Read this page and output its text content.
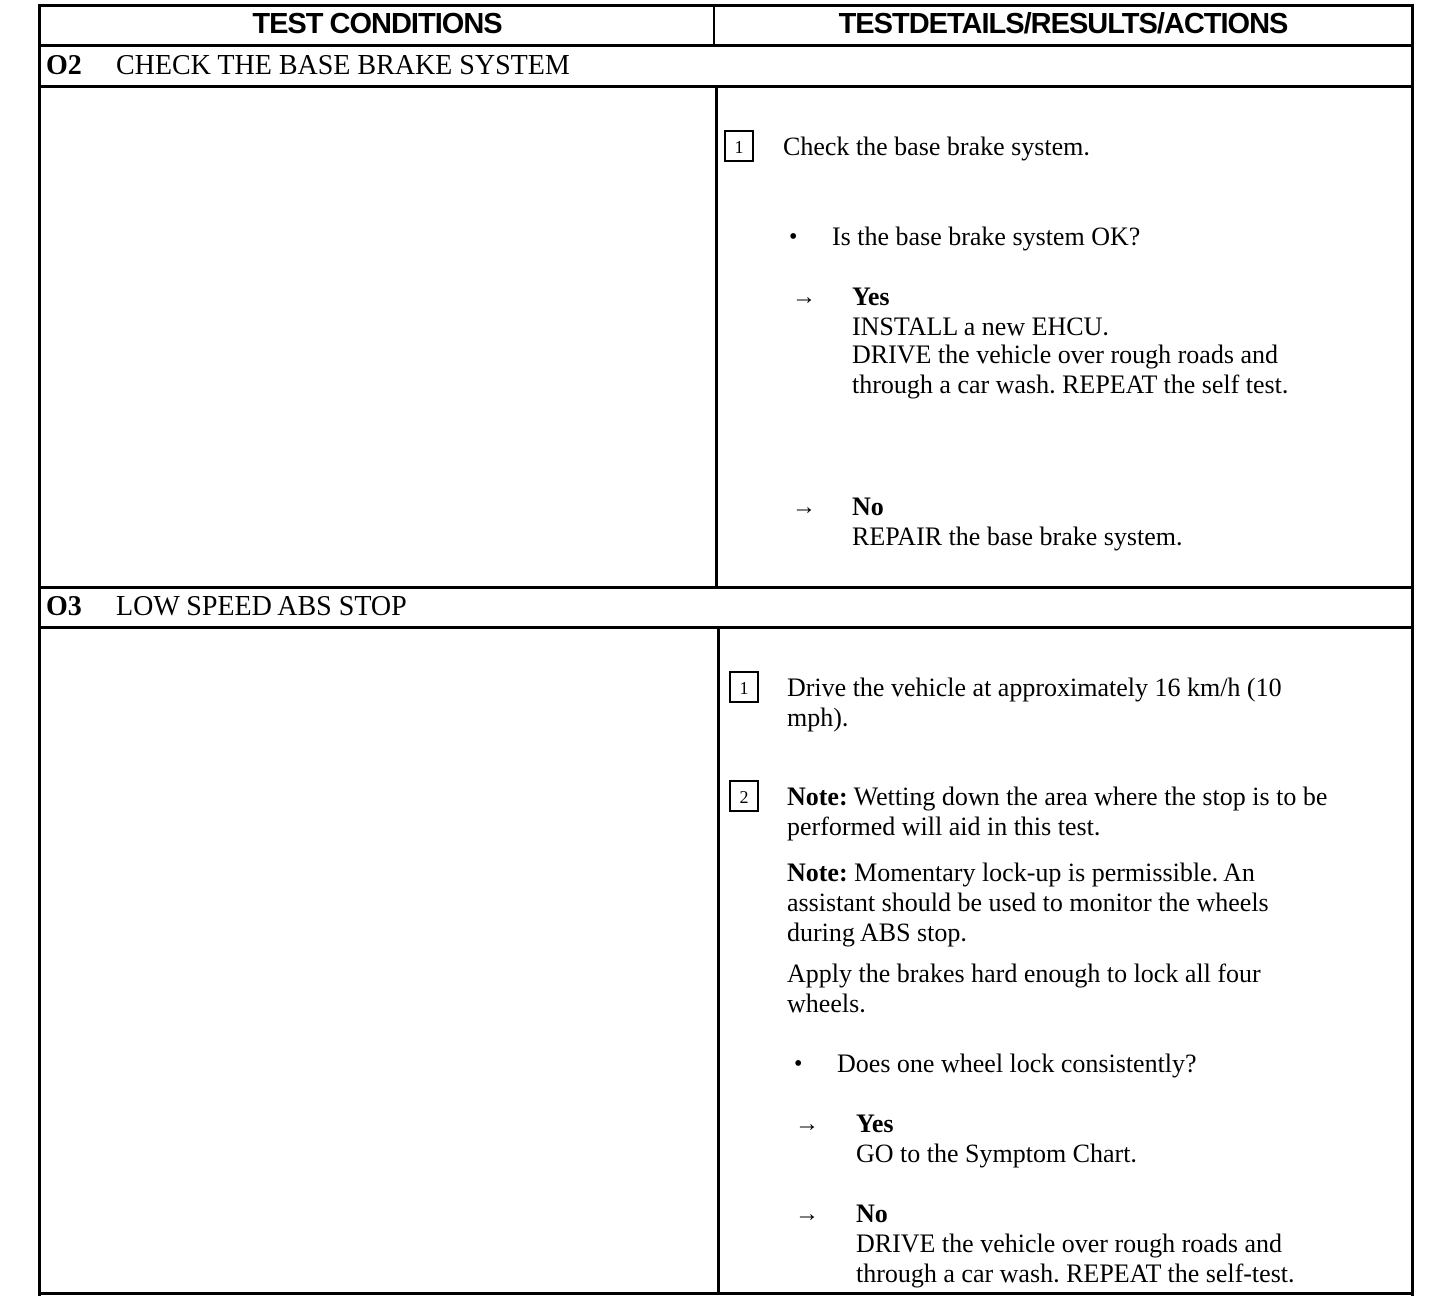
TEST CONDITIONS	TESTDETAILS/RESULTS/ACTIONS
O2 CHECK THE BASE BRAKE SYSTEM
1	Check the base brake system.
• Is the base brake system OK?
→ Yes
INSTALL a new EHCU.
DRIVE the vehicle over rough roads and
through a car wash. REPEAT the self test.
→ No
REPAIR the base brake system.
O3 LOW SPEED ABS STOP
1	Drive the vehicle at approximately 16 km/h (10
mph).
2	Note: Wetting down the area where the stop is to be
performed will aid in this test.
Note: Momentary lock-up is permissible. An
assistant should be used to monitor the wheels
during ABS stop.
Apply the brakes hard enough to lock all four
wheels.
• Does one wheel lock consistently?
→ Yes
GO to the Symptom Chart.
→ No
DRIVE the vehicle over rough roads and
through a car wash. REPEAT the self-test.
